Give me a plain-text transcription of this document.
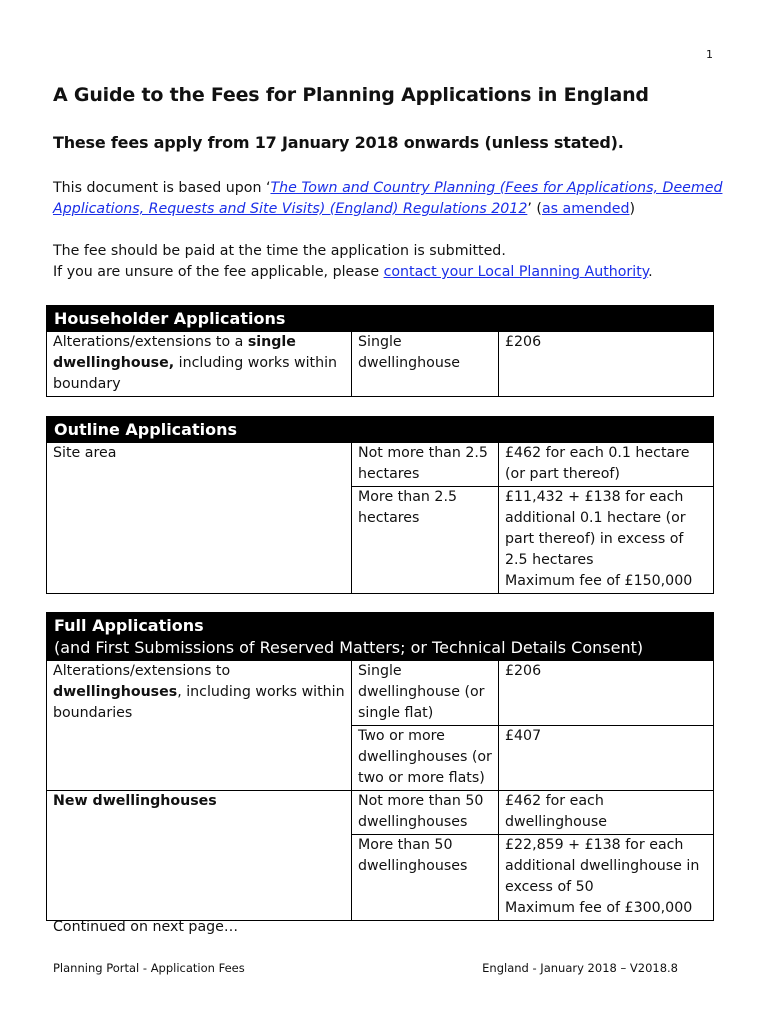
1
A Guide to the Fees for Planning Applications in England
These fees apply from 17 January 2018 onwards (unless stated).

This document is based upon ‘The Town and Country Planning (Fees for Applications, Deemed Applications, Requests and Site Visits) (England) Regulations 2012’ (as amended)

The fee should be paid at the time the application is submitted.
If you are unsure of the fee applicable, please contact your Local Planning Authority.

Householder Applications
Alterations/extensions to a single dwellinghouse, including works within boundary	Single dwellinghouse	£206
Outline Applications		
Site area	Not more than 2.5 hectares	£462 for each 0.1 hectare (or part thereof)
	More than 2.5 hectares	£11,432 + £138 for each additional 0.1 hectare (or part thereof) in excess of 2.5 hectares
Maximum fee of £150,000
Full Applications
(and First Submissions of Reserved Matters; or Technical Details Consent)		

Alterations/extensions to dwellinghouses, including works within boundaries	Single dwellinghouse (or single flat)	£206
	Two or more dwellinghouses (or two or more flats)	£407
New dwellinghouses	Not more than 50 dwellinghouses	£462 for each dwellinghouse
	More than 50 dwellinghouses	£22,859 + £138 for each additional dwellinghouse in excess of 50
Maximum fee of £300,000

Continued on next page…

Planning Portal - Application Fees	England - January 2018 – V2018.8
